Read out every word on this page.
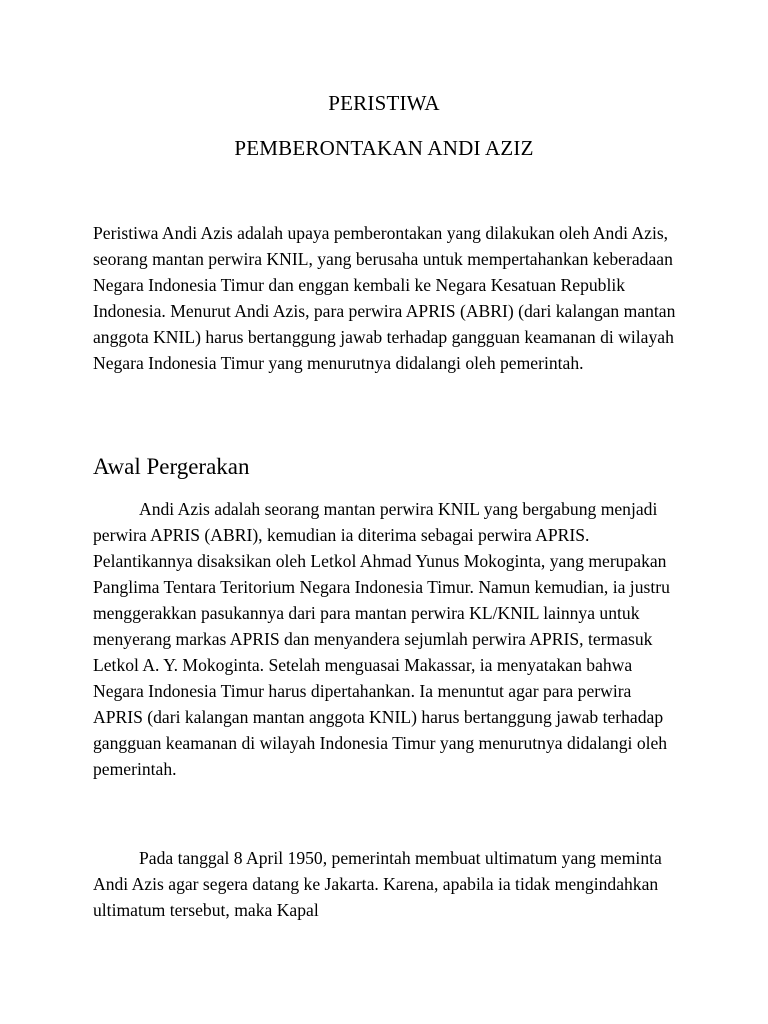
PERISTIWA
PEMBERONTAKAN ANDI AZIZ

Peristiwa Andi Azis adalah upaya pemberontakan yang dilakukan oleh Andi Azis, seorang mantan perwira KNIL, yang berusaha untuk mempertahankan keberadaan Negara Indonesia Timur dan enggan kembali ke Negara Kesatuan Republik Indonesia. Menurut Andi Azis, para perwira APRIS (ABRI) (dari kalangan mantan anggota KNIL) harus bertanggung jawab terhadap gangguan keamanan di wilayah Negara Indonesia Timur yang menurutnya didalangi oleh pemerintah.

Awal Pergerakan

Andi Azis adalah seorang mantan perwira KNIL yang bergabung menjadi perwira APRIS (ABRI), kemudian ia diterima sebagai perwira APRIS. Pelantikannya disaksikan oleh Letkol Ahmad Yunus Mokoginta, yang merupakan Panglima Tentara Teritorium Negara Indonesia Timur. Namun kemudian, ia justru menggerakkan pasukannya dari para mantan perwira KL/KNIL lainnya untuk menyerang markas APRIS dan menyandera sejumlah perwira APRIS, termasuk Letkol A. Y. Mokoginta. Setelah menguasai Makassar, ia menyatakan bahwa Negara Indonesia Timur harus dipertahankan. Ia menuntut agar para perwira APRIS (dari kalangan mantan anggota KNIL) harus bertanggung jawab terhadap gangguan keamanan di wilayah Indonesia Timur yang menurutnya didalangi oleh pemerintah.

Pada tanggal 8 April 1950, pemerintah membuat ultimatum yang meminta Andi Azis agar segera datang ke Jakarta. Karena, apabila ia tidak mengindahkan ultimatum tersebut, maka Kapal
